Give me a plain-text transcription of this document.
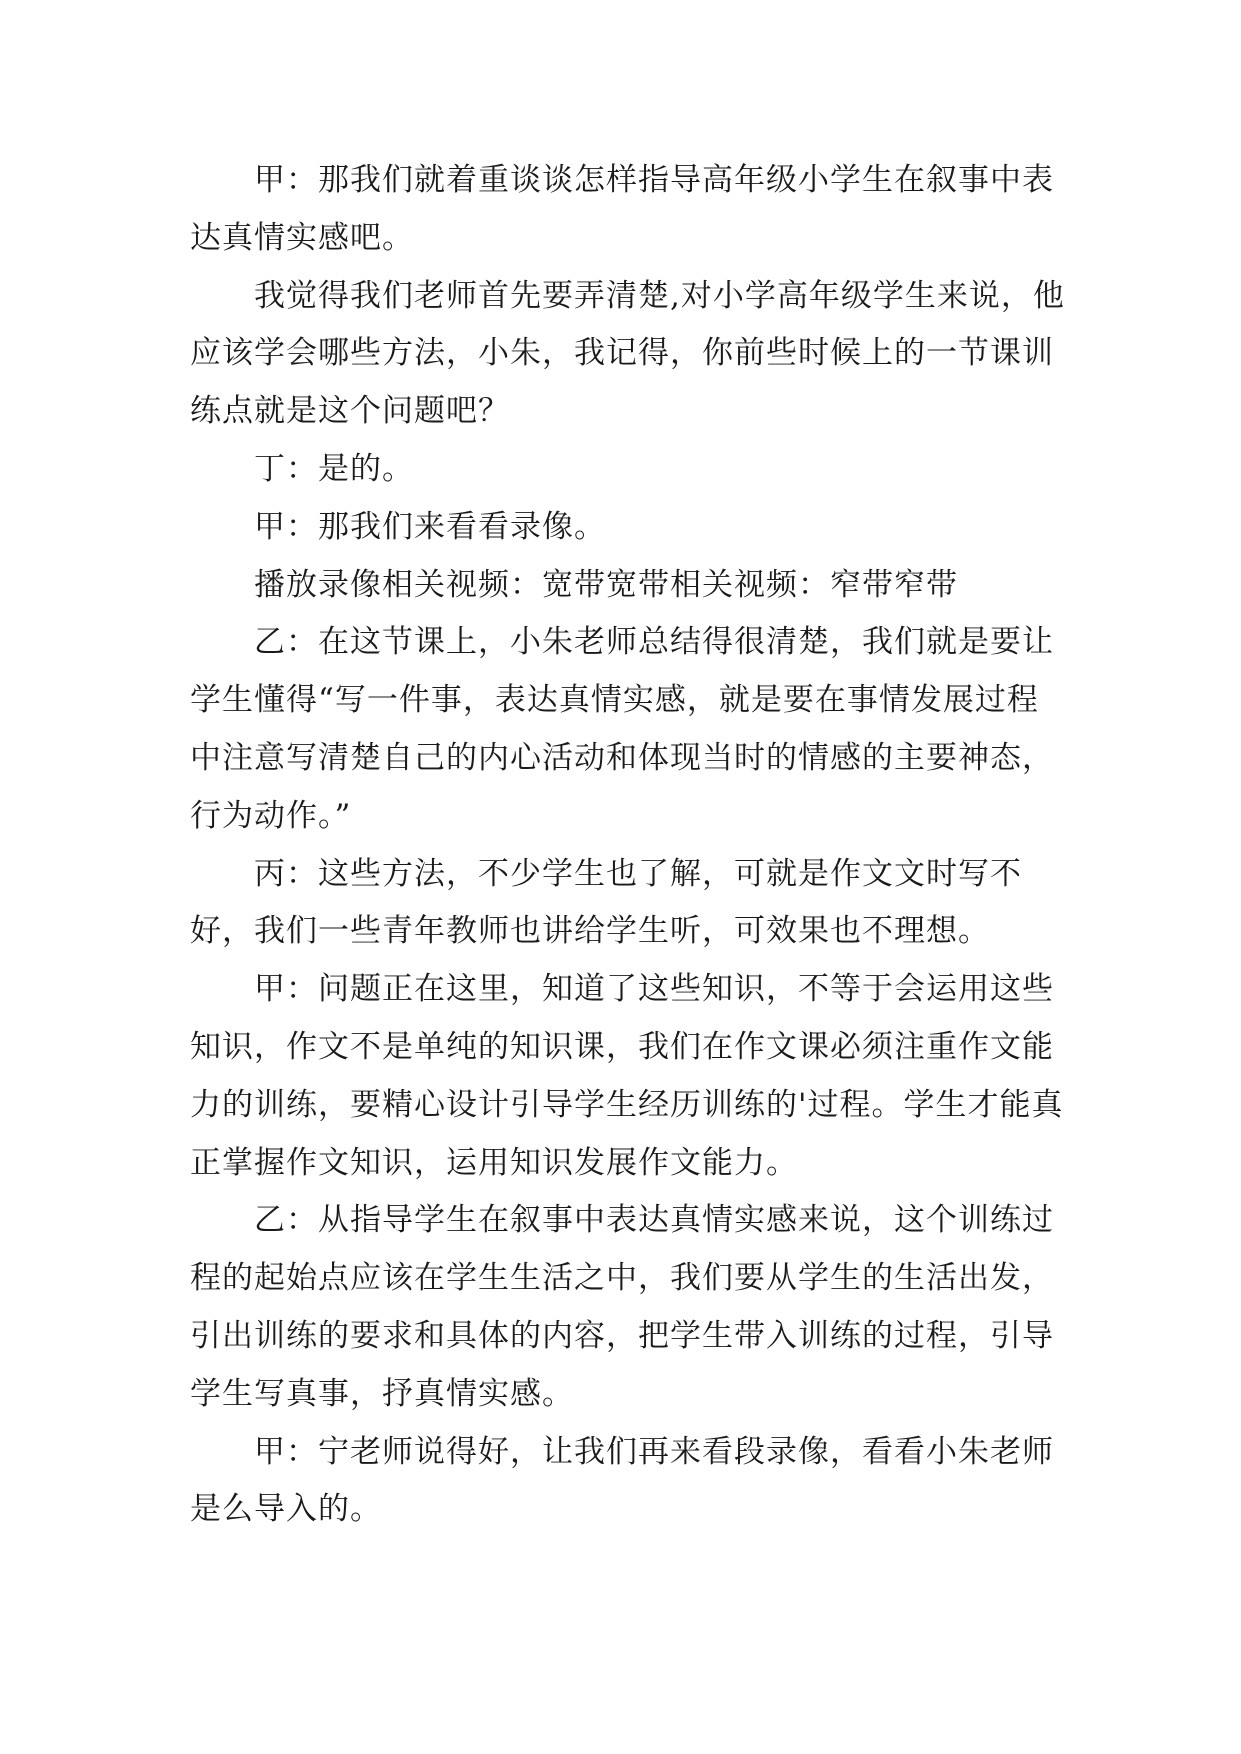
甲：那我们就着重谈谈怎样指导高年级小学生在叙事中表达真情实感吧。

我觉得我们老师首先要弄清楚,对小学高年级学生来说，他应该学会哪些方法，小朱，我记得，你前些时候上的一节课训练点就是这个问题吧？

丁：是的。

甲：那我们来看看录像。

播放录像相关视频：宽带宽带相关视频：窄带窄带

乙：在这节课上，小朱老师总结得很清楚，我们就是要让学生懂得“写一件事，表达真情实感，就是要在事情发展过程中注意写清楚自己的内心活动和体现当时的情感的主要神态，行为动作。”

丙：这些方法，不少学生也了解，可就是作文文时写不好，我们一些青年教师也讲给学生听，可效果也不理想。

甲：问题正在这里，知道了这些知识，不等于会运用这些知识，作文不是单纯的知识课，我们在作文课必须注重作文能力的训练，要精心设计引导学生经历训练的'过程。学生才能真正掌握作文知识，运用知识发展作文能力。

乙：从指导学生在叙事中表达真情实感来说，这个训练过程的起始点应该在学生生活之中，我们要从学生的生活出发，引出训练的要求和具体的内容，把学生带入训练的过程，引导学生写真事，抒真情实感。

甲：宁老师说得好，让我们再来看段录像，看看小朱老师是么导入的。
